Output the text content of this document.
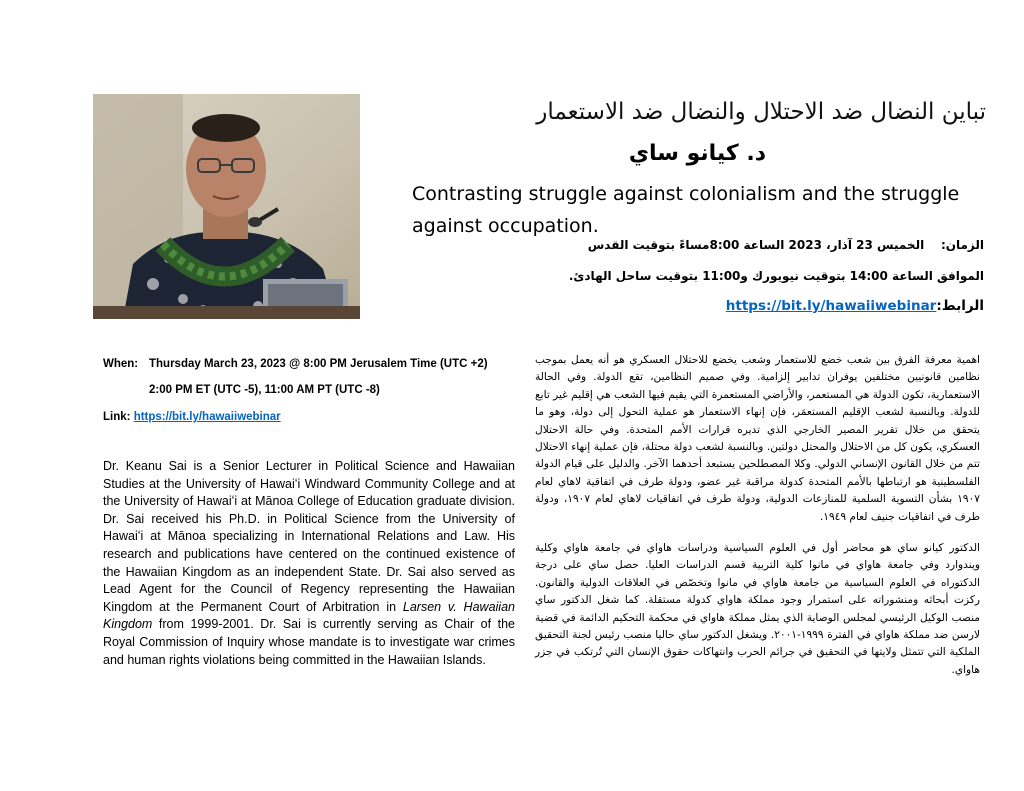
تباين النضال ضد الاحتلال والنضال ضد الاستعمار
د. كيانو ساي
Contrasting struggle against colonialism and the struggle against occupation.
الزمان:    الخميس 23 آذار، 2023 الساعة 8:00مساءً بتوقيت القدس
الموافق الساعة 14:00 بتوقيت نيويورك و11:00 بتوقيت ساحل الهادئ.
الرابط:https://bit.ly/hawaiiwebinar
When: Thursday March 23, 2023 @ 8:00 PM Jerusalem Time (UTC +2)
2:00 PM ET (UTC -5), 11:00 AM PT (UTC -8)
Link: https://bit.ly/hawaiiwebinar
Dr. Keanu Sai is a Senior Lecturer in Political Science and Hawaiian Studies at the University of Hawaiʻi Windward Community College and at the University of Hawaiʻi at Mānoa College of Education graduate division. Dr. Sai received his Ph.D. in Political Science from the University of Hawaiʻi at Mānoa specializing in International Relations and Law. His research and publications have centered on the continued existence of the Hawaiian Kingdom as an independent State. Dr. Sai also served as Lead Agent for the Council of Regency representing the Hawaiian Kingdom at the Permanent Court of Arbitration in Larsen v. Hawaiian Kingdom from 1999-2001. Dr. Sai is currently serving as Chair of the Royal Commission of Inquiry whose mandate is to investigate war crimes and human rights violations being committed in the Hawaiian Islands.
اهمية معرفة الفرق بين شعب خضع للاستعمار وشعب يخضع للاحتلال العسكري هو أنه يعمل بموجب نظامين قانونيين مختلفين يوفران تدابير إلزامية. وفي صميم النظامين، تقع الدولة. وفي الحالة الاستعمارية، تكون الدولة هي المستعمر، والأراضي المستعمرة التي يقيم فيها الشعب هي إقليم غير تابع للدولة. وبالنسبة لشعب الإقليم المستعمَر، فإن إنهاء الاستعمار هو عملية التحول إلى دولة، وهو ما يتحقق من خلال تقرير المصير الخارجي الذي تديره قرارات الأمم المتحدة. وفي حالة الاحتلال العسكري، يكون كل من الاحتلال والمحتل دولتين. وبالنسبة لشعب دولة محتلة، فإن عملية إنهاء الاحتلال تتم من خلال القانون الإنساني الدولي. وكلا المصطلحين يستبعد أحدهما الآخر. والدليل على قيام الدولة الفلسطينية هو ارتباطها بالأمم المتحدة كدولة مراقبة غير عضو، ودولة طرف في اتفاقية لاهاي لعام ١٩٠٧ بشأن التسوية السلمية للمنازعات الدولية، ودولة طرف في اتفاقيات لاهاي لعام ١٩٠٧، ودولة طرف في اتفاقيات جنيف لعام ١٩٤٩.
الدكتور كيانو ساي هو محاضر أول في العلوم السياسية ودراسات هاواي في جامعة هاواي وكلية ويندوارد وفي جامعة هاواي في مانوا كلية التربية قسم الدراسات العليا. حصل ساي على درجة الدكتوراه في العلوم السياسية من جامعة هاواي في مانوا وتخصّص في العلاقات الدولية والقانون. ركزت أبحاثه ومنشوراته على استمرار وجود مملكة هاواي كدولة مستقلة. كما شغل الدكتور ساي منصب الوكيل الرئيسي لمجلس الوصاية الذي يمثل مملكة هاواي في محكمة التحكيم الدائمة في قضية لارسن ضد مملكة هاواي في الفترة ١٩٩٩-٢٠٠١. ويشغل الدكتور ساي حاليا منصب رئيس لجنة التحقيق الملكية التي تتمثل ولايتها في التحقيق في جرائم الحرب وانتهاكات حقوق الإنسان التي تُرتكب في جزر هاواي.
